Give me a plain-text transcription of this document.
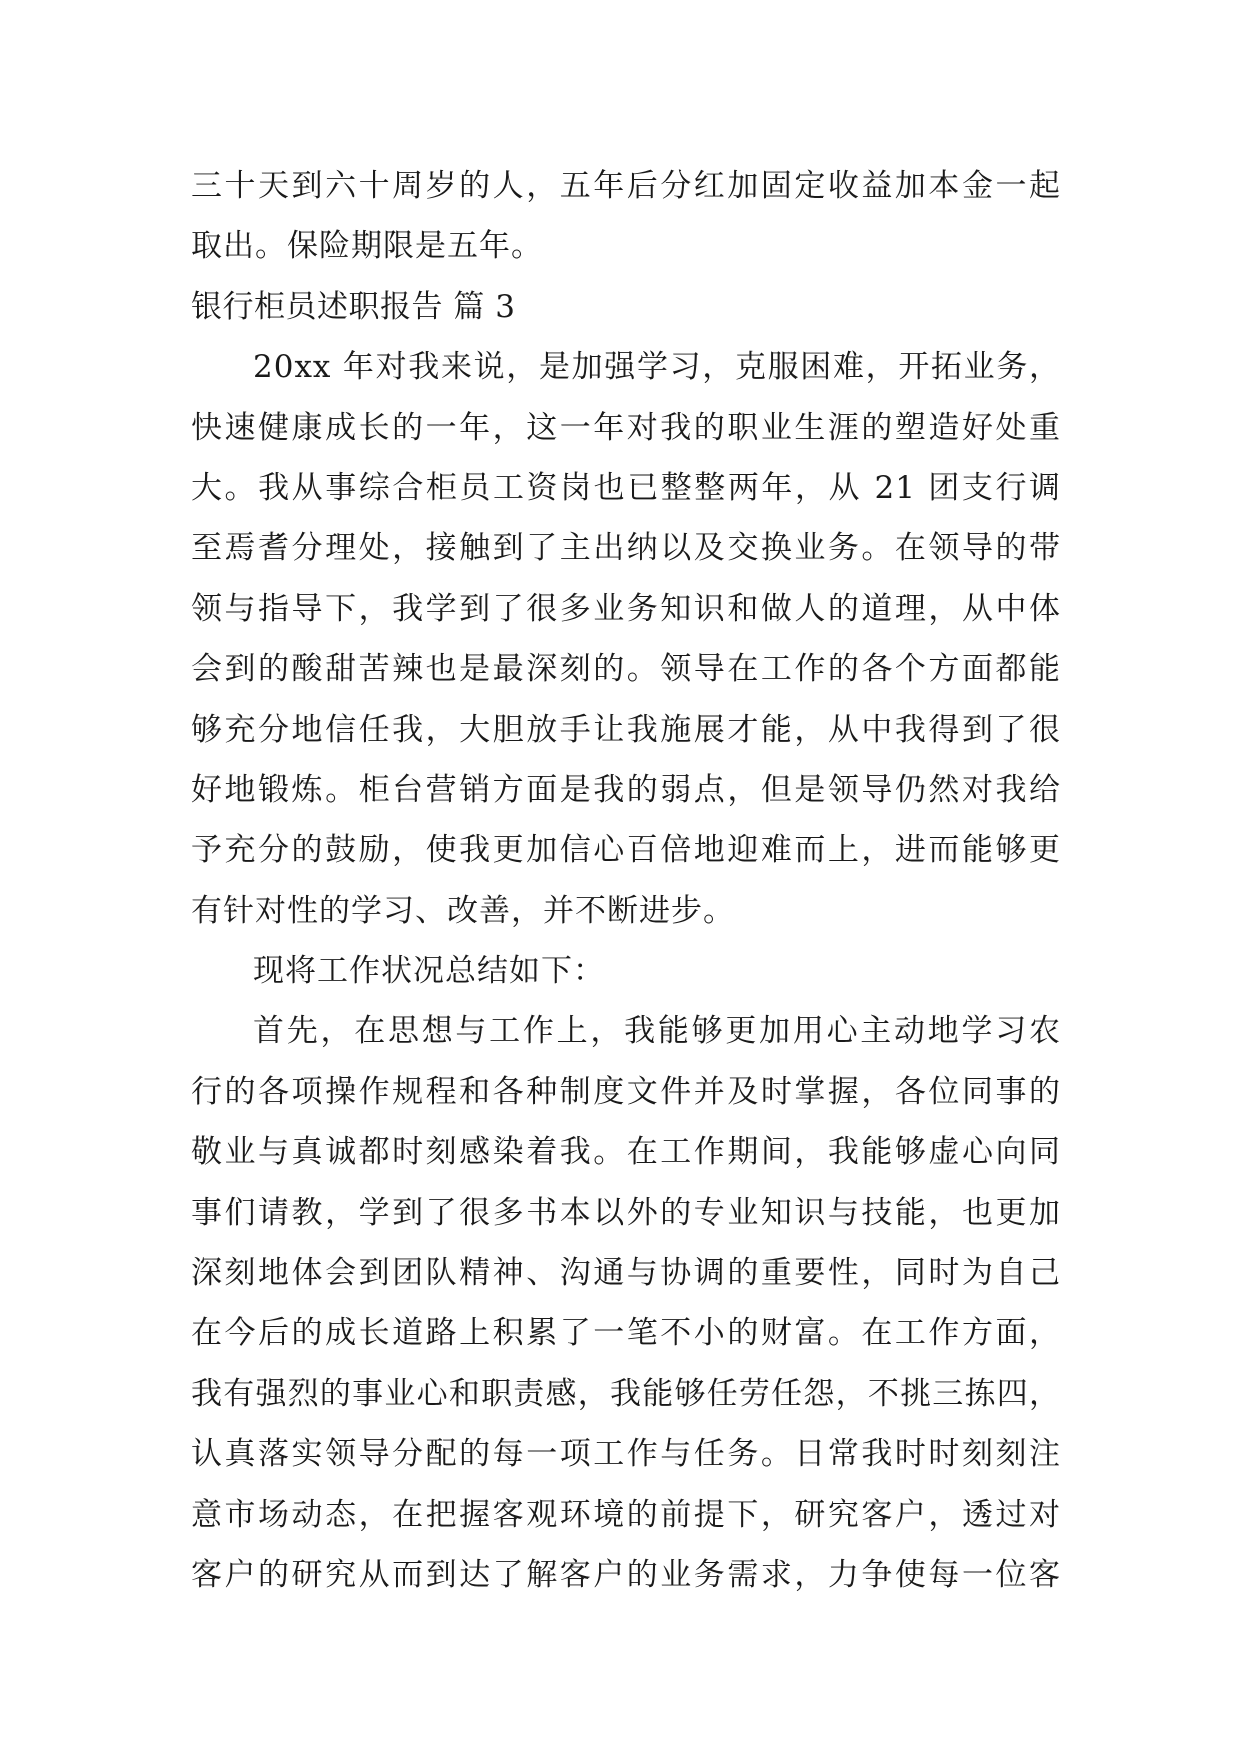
三十天到六十周岁的人，五年后分红加固定收益加本金一起
取出。保险期限是五年。
银行柜员述职报告 篇 3
20xx 年对我来说，是加强学习，克服困难，开拓业务，
快速健康成长的一年，这一年对我的职业生涯的塑造好处重
大。我从事综合柜员工资岗也已整整两年，从 21 团支行调
至焉耆分理处，接触到了主出纳以及交换业务。在领导的带
领与指导下，我学到了很多业务知识和做人的道理，从中体
会到的酸甜苦辣也是最深刻的。领导在工作的各个方面都能
够充分地信任我，大胆放手让我施展才能，从中我得到了很
好地锻炼。柜台营销方面是我的弱点，但是领导仍然对我给
予充分的鼓励，使我更加信心百倍地迎难而上，进而能够更
有针对性的学习、改善，并不断进步。
现将工作状况总结如下：
首先，在思想与工作上，我能够更加用心主动地学习农
行的各项操作规程和各种制度文件并及时掌握，各位同事的
敬业与真诚都时刻感染着我。在工作期间，我能够虚心向同
事们请教，学到了很多书本以外的专业知识与技能，也更加
深刻地体会到团队精神、沟通与协调的重要性，同时为自己
在今后的成长道路上积累了一笔不小的财富。在工作方面，
我有强烈的事业心和职责感，我能够任劳任怨，不挑三拣四，
认真落实领导分配的每一项工作与任务。日常我时时刻刻注
意市场动态，在把握客观环境的前提下，研究客户，透过对
客户的研究从而到达了解客户的业务需求，力争使每一位客
